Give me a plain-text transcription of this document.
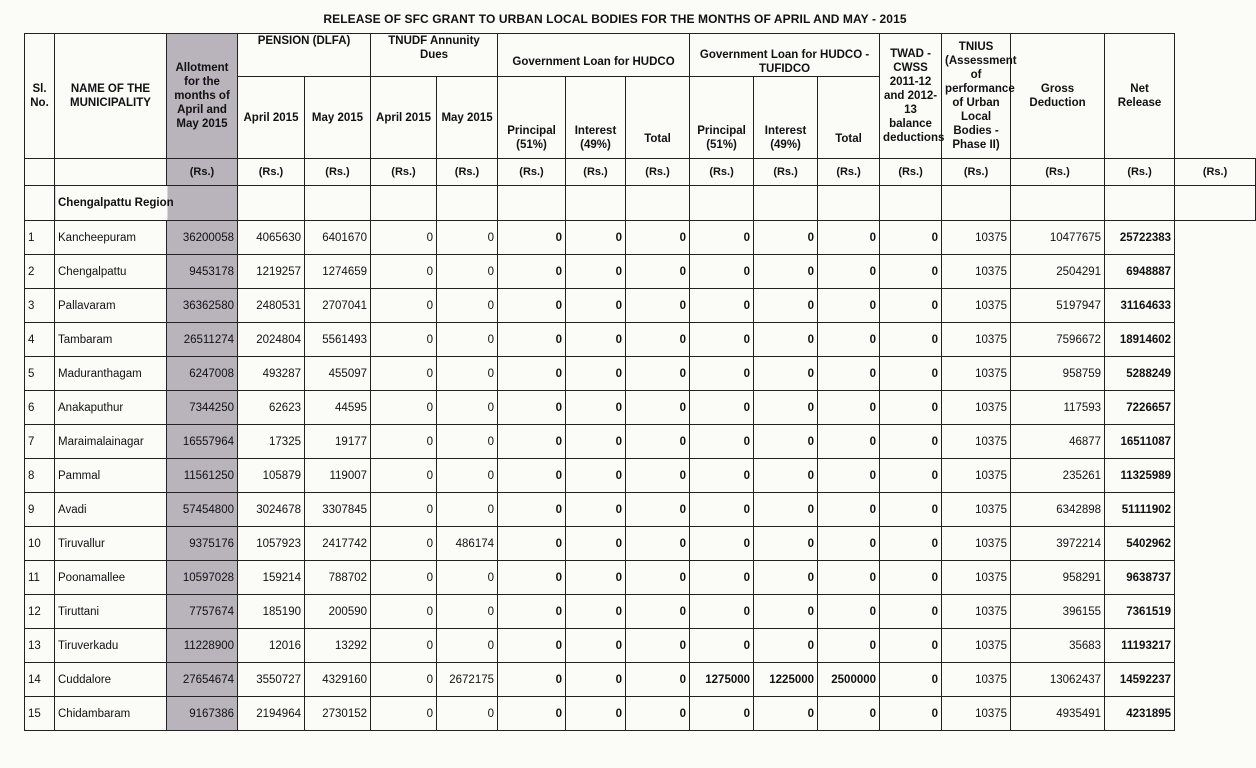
RELEASE OF SFC GRANT TO URBAN LOCAL BODIES FOR THE MONTHS OF APRIL AND MAY - 2015
Sl. No.	NAME OF THE MUNICIPALITY	Allotment for the months of April and May 2015	PENSION (DLFA)		TNUDF Annunity Dues		Government Loan for HUDCO			Government Loan for HUDCO - TUFIDCO			TWAD - CWSS 2011-12 and 2012-13 balance deductions	TNIUS (Assessment of performance of Urban Local Bodies - Phase II)	Gross Deduction	Net Release	
			April 2015	May 2015	April 2015	May 2015	Principal (51%)	Interest (49%)	Total	Principal (51%)	Interest (49%)	Total					
		(Rs.)	(Rs.)	(Rs.)	(Rs.)	(Rs.)	(Rs.)	(Rs.)	(Rs.)	(Rs.)	(Rs.)	(Rs.)	(Rs.)	(Rs.)	(Rs.)	(Rs.)	(Rs.)
	Chengalpattu Region																
1	Kancheepuram	36200058	4065630	6401670	0	0	0	0	0	0	0	0	0	10375	10477675	25722383	
2	Chengalpattu	9453178	1219257	1274659	0	0	0	0	0	0	0	0	0	10375	2504291	6948887	
3	Pallavaram	36362580	2480531	2707041	0	0	0	0	0	0	0	0	0	10375	5197947	31164633	
4	Tambaram	26511274	2024804	5561493	0	0	0	0	0	0	0	0	0	10375	7596672	18914602	
5	Maduranthagam	6247008	493287	455097	0	0	0	0	0	0	0	0	0	10375	958759	5288249	
6	Anakaputhur	7344250	62623	44595	0	0	0	0	0	0	0	0	0	10375	117593	7226657	
7	Maraimalainagar	16557964	17325	19177	0	0	0	0	0	0	0	0	0	10375	46877	16511087	
8	Pammal	11561250	105879	119007	0	0	0	0	0	0	0	0	0	10375	235261	11325989	
9	Avadi	57454800	3024678	3307845	0	0	0	0	0	0	0	0	0	10375	6342898	51111902	
10	Tiruvallur	9375176	1057923	2417742	0	486174	0	0	0	0	0	0	0	10375	3972214	5402962	
11	Poonamallee	10597028	159214	788702	0	0	0	0	0	0	0	0	0	10375	958291	9638737	
12	Tiruttani	7757674	185190	200590	0	0	0	0	0	0	0	0	0	10375	396155	7361519	
13	Tiruverkadu	11228900	12016	13292	0	0	0	0	0	0	0	0	0	10375	35683	11193217	
14	Cuddalore	27654674	3550727	4329160	0	2672175	0	0	0	1275000	1225000	2500000	0	10375	13062437	14592237	
15	Chidambaram	9167386	2194964	2730152	0	0	0	0	0	0	0	0	0	10375	4935491	4231895	
